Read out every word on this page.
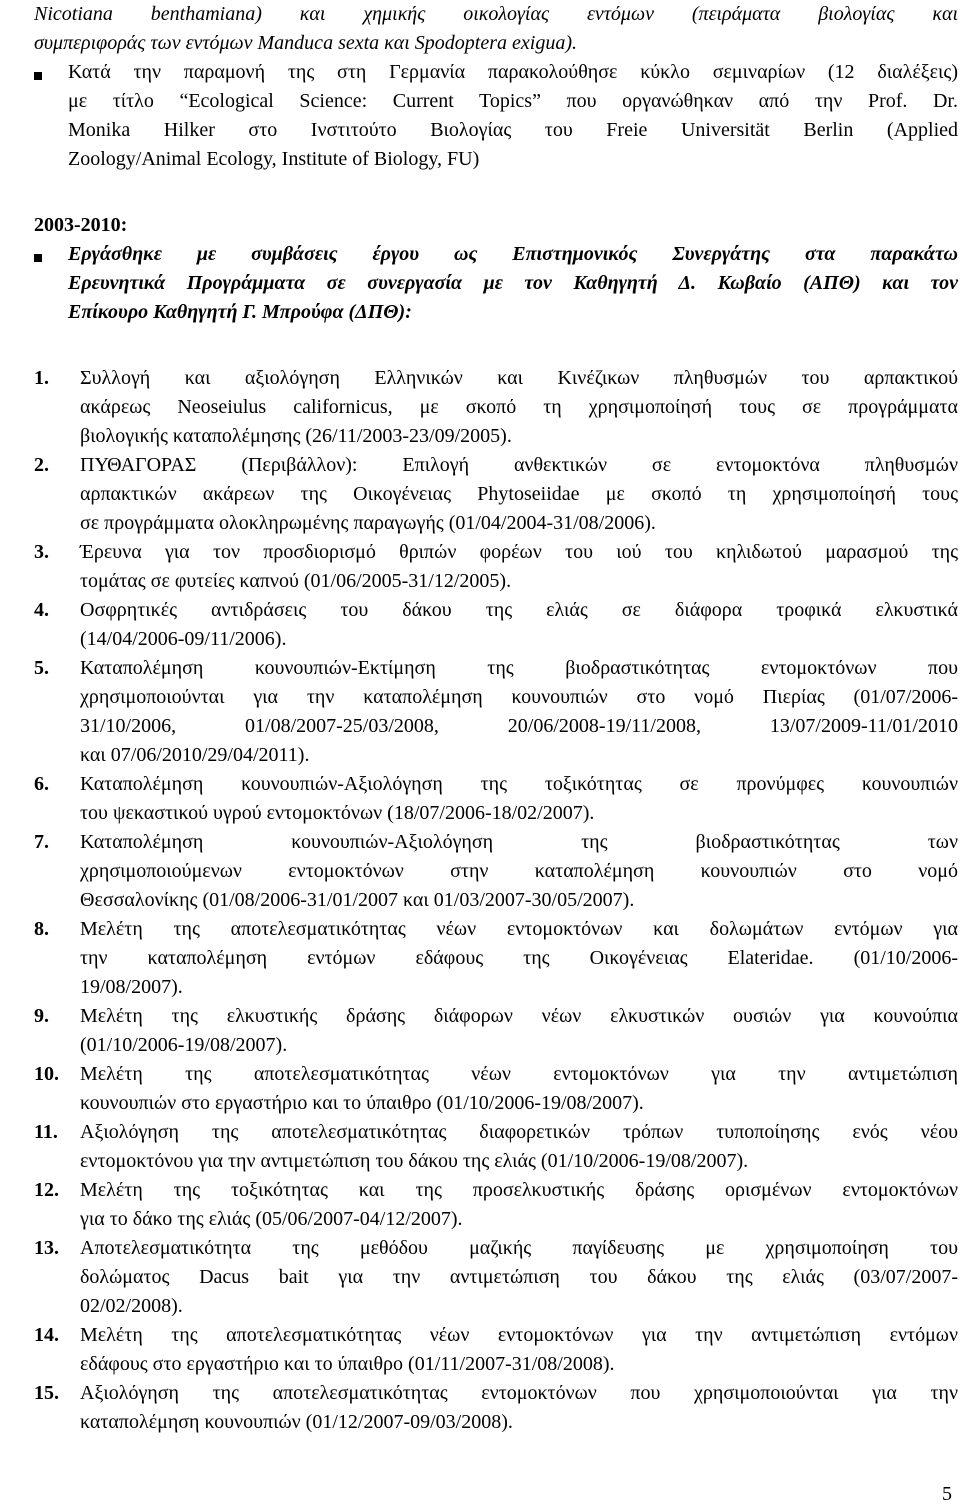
Nicotiana benthamiana) και χημικής οικολογίας εντόμων (πειράματα βιολογίας και
συμπεριφοράς των εντόμων Manduca sexta και Spodoptera exigua).
Κατά την παραμονή της στη Γερμανία παρακολούθησε κύκλο σεμιναρίων (12 διαλέξεις)
με τίτλο “Ecological Science: Current Topics” που οργανώθηκαν από την Prof. Dr.
Monika Hilker στο Ινστιτούτο Βιολογίας του Freie Universität Berlin (Applied
Zoology/Animal Ecology, Institute of Biology, FU)
2003-2010:
Εργάσθηκε με συμβάσεις έργου ως Επιστημονικός Συνεργάτης στα παρακάτω
Ερευνητικά Προγράμματα σε συνεργασία με τον Καθηγητή Δ. Κωβαίο (ΑΠΘ) και τον
Επίκουρο Καθηγητή Γ. Μπρούφα (ΔΠΘ):
1. Συλλογή και αξιολόγηση Ελληνικών και Κινέζικων πληθυσμών του αρπακτικού
ακάρεως Neoseiulus californicus, με σκοπό τη χρησιμοποίησή τους σε προγράμματα
βιολογικής καταπολέμησης (26/11/2003-23/09/2005).
2. ΠΥΘΑΓΟΡΑΣ (Περιβάλλον): Επιλογή ανθεκτικών σε εντομοκτόνα πληθυσμών
αρπακτικών ακάρεων της Οικογένειας Phytoseiidae με σκοπό τη χρησιμοποίησή τους
σε προγράμματα ολοκληρωμένης παραγωγής (01/04/2004-31/08/2006).
3. Έρευνα για τον προσδιορισμό θριπών φορέων του ιού του κηλιδωτού μαρασμού της
τομάτας σε φυτείες καπνού (01/06/2005-31/12/2005).
4. Οσφρητικές αντιδράσεις του δάκου της ελιάς σε διάφορα τροφικά ελκυστικά
(14/04/2006-09/11/2006).
5. Καταπολέμηση κουνουπιών-Εκτίμηση της βιοδραστικότητας εντομοκτόνων που
χρησιμοποιούνται για την καταπολέμηση κουνουπιών στο νομό Πιερίας (01/07/2006-
31/10/2006, 01/08/2007-25/03/2008, 20/06/2008-19/11/2008, 13/07/2009-11/01/2010
και 07/06/2010/29/04/2011).
6. Καταπολέμηση κουνουπιών-Αξιολόγηση της τοξικότητας σε προνύμφες κουνουπιών
του ψεκαστικού υγρού εντομοκτόνων (18/07/2006-18/02/2007).
7. Καταπολέμηση κουνουπιών-Αξιολόγηση της βιοδραστικότητας των
χρησιμοποιούμενων εντομοκτόνων στην καταπολέμηση κουνουπιών στο νομό
Θεσσαλονίκης (01/08/2006-31/01/2007 και 01/03/2007-30/05/2007).
8. Μελέτη της αποτελεσματικότητας νέων εντομοκτόνων και δολωμάτων εντόμων για
την καταπολέμηση εντόμων εδάφους της Οικογένειας Elateridae. (01/10/2006-
19/08/2007).
9. Μελέτη της ελκυστικής δράσης διάφορων νέων ελκυστικών ουσιών για κουνούπια
(01/10/2006-19/08/2007).
10. Μελέτη της αποτελεσματικότητας νέων εντομοκτόνων για την αντιμετώπιση
κουνουπιών στο εργαστήριο και το ύπαιθρο (01/10/2006-19/08/2007).
11. Αξιολόγηση της αποτελεσματικότητας διαφορετικών τρόπων τυποποίησης ενός νέου
εντομοκτόνου για την αντιμετώπιση του δάκου της ελιάς (01/10/2006-19/08/2007).
12. Μελέτη της τοξικότητας και της προσελκυστικής δράσης ορισμένων εντομοκτόνων
για το δάκο της ελιάς (05/06/2007-04/12/2007).
13. Αποτελεσματικότητα της μεθόδου μαζικής παγίδευσης με χρησιμοποίηση του
δολώματος Dacus bait για την αντιμετώπιση του δάκου της ελιάς (03/07/2007-
02/02/2008).
14. Μελέτη της αποτελεσματικότητας νέων εντομοκτόνων για την αντιμετώπιση εντόμων
εδάφους στο εργαστήριο και το ύπαιθρο (01/11/2007-31/08/2008).
15. Αξιολόγηση της αποτελεσματικότητας εντομοκτόνων που χρησιμοποιούνται για την
καταπολέμηση κουνουπιών (01/12/2007-09/03/2008).
5
